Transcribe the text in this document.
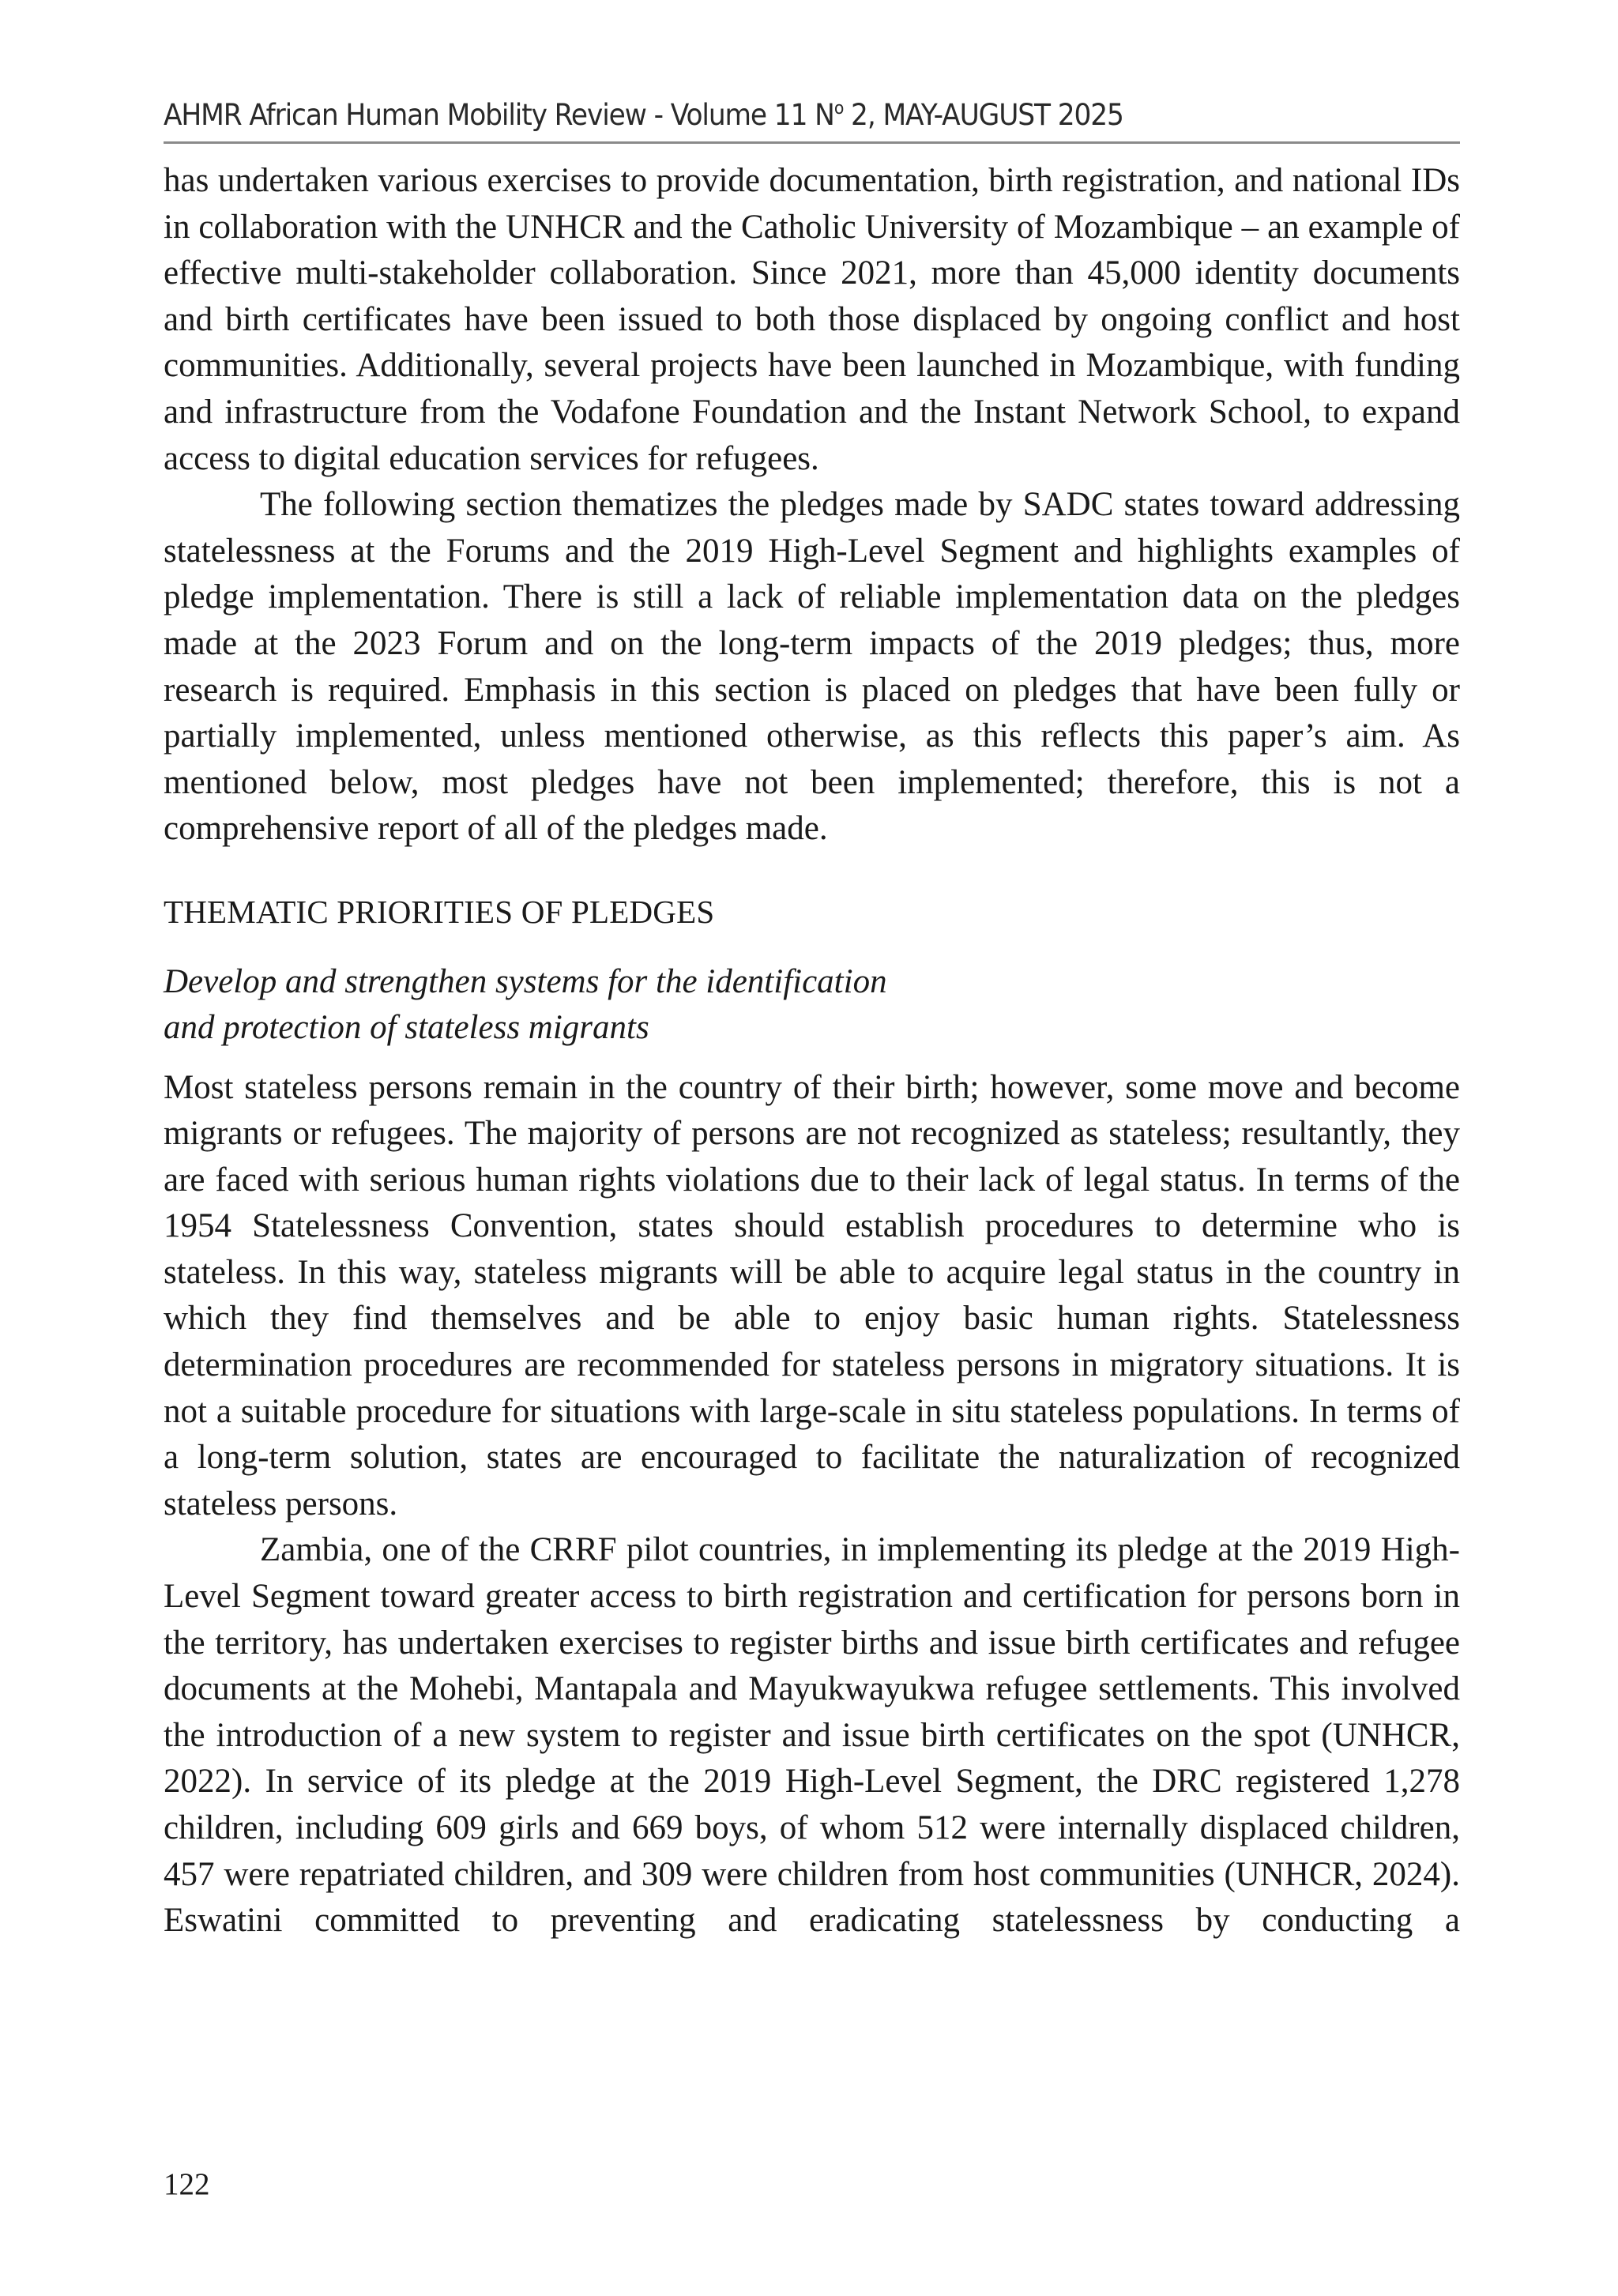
AHMR African Human Mobility Review - Volume 11 $N^o$ 2, MAY-AUGUST 2025

has undertaken various exercises to provide documentation, birth registration, and national IDs in collaboration with the UNHCR and the Catholic University of Mozambique – an example of effective multi-stakeholder collaboration. Since 2021, more than 45,000 identity documents and birth certificates have been issued to both those displaced by ongoing conflict and host communities. Additionally, several projects have been launched in Mozambique, with funding and infrastructure from the Vodafone Foundation and the Instant Network School, to expand access to digital education services for refugees.

The following section thematizes the pledges made by SADC states toward addressing statelessness at the Forums and the 2019 High-Level Segment and highlights examples of pledge implementation. There is still a lack of reliable implementation data on the pledges made at the 2023 Forum and on the long-term impacts of the 2019 pledges; thus, more research is required. Emphasis in this section is placed on pledges that have been fully or partially implemented, unless mentioned otherwise, as this reflects this paper’s aim. As mentioned below, most pledges have not been implemented; therefore, this is not a comprehensive report of all of the pledges made.

THEMATIC PRIORITIES OF PLEDGES
Develop and strengthen systems for the identification
and protection of stateless migrants

Most stateless persons remain in the country of their birth; however, some move and become migrants or refugees. The majority of persons are not recognized as stateless; resultantly, they are faced with serious human rights violations due to their lack of legal status. In terms of the 1954 Statelessness Convention, states should establish procedures to determine who is stateless. In this way, stateless migrants will be able to acquire legal status in the country in which they find themselves and be able to enjoy basic human rights. Statelessness determination procedures are recommended for stateless persons in migratory situations. It is not a suitable procedure for situations with large-scale in situ stateless populations. In terms of a long-term solution, states are encouraged to facilitate the naturalization of recognized stateless persons.

Zambia, one of the CRRF pilot countries, in implementing its pledge at the 2019 High-Level Segment toward greater access to birth registration and certification for persons born in the territory, has undertaken exercises to register births and issue birth certificates and refugee documents at the Mohebi, Mantapala and Mayukwayukwa refugee settlements. This involved the introduction of a new system to register and issue birth certificates on the spot (UNHCR, 2022). In service of its pledge at the 2019 High-Level Segment, the DRC registered 1,278 children, including 609 girls and 669 boys, of whom 512 were internally displaced children, 457 were repatriated children, and 309 were children from host communities (UNHCR, 2024). Eswatini committed to preventing and eradicating statelessness by conducting a

122
